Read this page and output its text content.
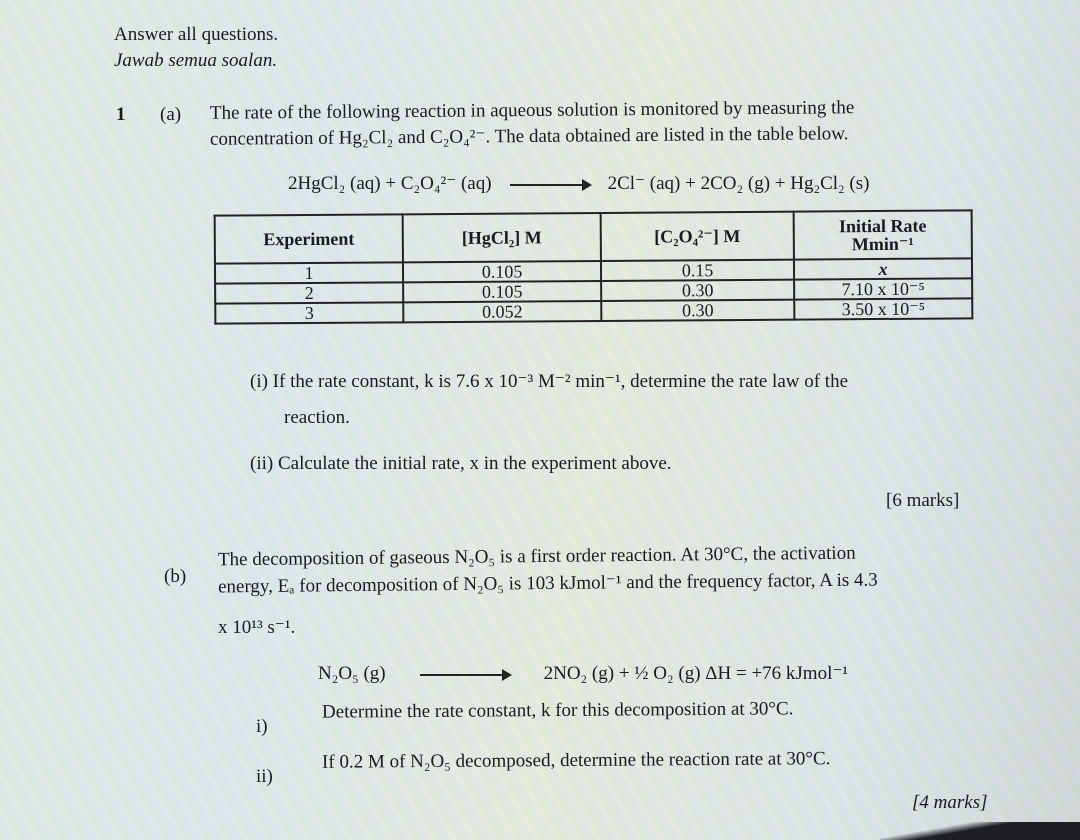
Answer all questions.
Jawab semua soalan.
1 (a) The rate of the following reaction in aqueous solution is monitored by measuring the
concentration of Hg₂Cl₂ and C₂O₄²⁻. The data obtained are listed in the table below.
2HgCl₂ (aq) + C₂O₄²⁻ (aq)	2Cl⁻ (aq) + 2CO₂ (g) + Hg₂Cl₂ (s)
Experiment	[HgCl₂] M	[C₂O₄²⁻] M	Initial Rate
Mmin⁻¹
1	0.105	0.15	x
2	0.105	0.30	7.10 x 10⁻⁵
3	0.052	0.30	3.50 x 10⁻⁵
(i) If the rate constant, k is 7.6 x 10⁻³ M⁻² min⁻¹, determine the rate law of the
reaction.
(ii) Calculate the initial rate, x in the experiment above.
[6 marks]
(b)
The decomposition of gaseous N₂O₅ is a first order reaction. At 30°C, the activation
energy, Eₐ for decomposition of N₂O₅ is 103 kJmol⁻¹ and the frequency factor, A is 4.3
x 10¹³ s⁻¹.
N₂O₅ (g)	2NO₂ (g) + ½ O₂ (g) ΔH = +76 kJmol⁻¹
i)
Determine the rate constant, k for this decomposition at 30°C.
ii)
If 0.2 M of N₂O₅ decomposed, determine the reaction rate at 30°C.
[4 marks]
